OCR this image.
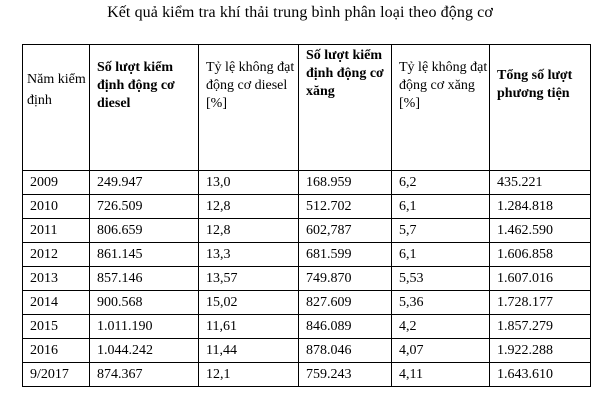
Kết quả kiểm tra khí thải trung bình phân loại theo động cơ
Năm kiểm định	Số lượt kiểm định động cơ diesel	Tỷ lệ không đạt động cơ diesel [%]	Số lượt kiểm định động cơ xăng	Tỷ lệ không đạt động cơ xăng [%]	Tổng số lượt phương tiện
2009	249.947	13,0	168.959	6,2	435.221
2010	726.509	12,8	512.702	6,1	1.284.818
2011	806.659	12,8	602,787	5,7	1.462.590
2012	861.145	13,3	681.599	6,1	1.606.858
2013	857.146	13,57	749.870	5,53	1.607.016
2014	900.568	15,02	827.609	5,36	1.728.177
2015	1.011.190	11,61	846.089	4,2	1.857.279
2016	1.044.242	11,44	878.046	4,07	1.922.288
9/2017	874.367	12,1	759.243	4,11	1.643.610
